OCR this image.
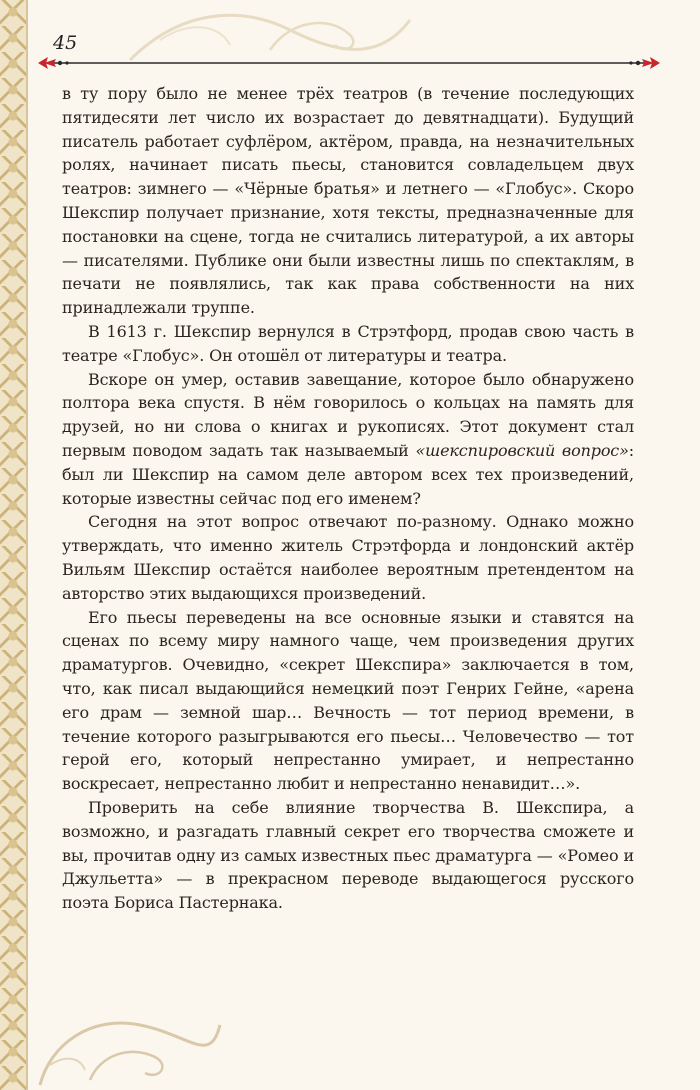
45

в ту пору было не менее трёх театров (в течение последующих пятидесяти лет число их возрастает до девятнадцати). Будущий писатель работает суфлёром, актёром, правда, на незначительных ролях, начинает писать пьесы, становится совладельцем двух театров: зимнего — «Чёрные братья» и летнего — «Глобус». Скоро Шекспир получает признание, хотя тексты, предназначенные для постановки на сцене, тогда не считались литературой, а их авторы — писателями. Публике они были известны лишь по спектаклям, в печати не появлялись, так как права собственности на них принадлежали труппе.

В 1613 г. Шекспир вернулся в Стрэтфорд, продав свою часть в театре «Глобус». Он отошёл от литературы и театра.

Вскоре он умер, оставив завещание, которое было обнаружено полтора века спустя. В нём говорилось о кольцах на память для друзей, но ни слова о книгах и рукописях. Этот документ стал первым поводом задать так называемый «шекспировский вопрос»: был ли Шекспир на самом деле автором всех тех произведений, которые известны сейчас под его именем?

Сегодня на этот вопрос отвечают по-разному. Однако можно утверждать, что именно житель Стрэтфорда и лондонский актёр Вильям Шекспир остаётся наиболее вероятным претендентом на авторство этих выдающихся произведений.

Его пьесы переведены на все основные языки и ставятся на сценах по всему миру намного чаще, чем произведения других драматургов. Очевидно, «секрет Шекспира» заключается в том, что, как писал выдающийся немецкий поэт Генрих Гейне, «арена его драм — земной шар… Вечность — тот период времени, в течение которого разыгрываются его пьесы… Человечество — тот герой его, который непрестанно умирает, и непрестанно воскресает, непрестанно любит и непрестанно ненавидит…».

Проверить на себе влияние творчества В. Шекспира, а возможно, и разгадать главный секрет его творчества сможете и вы, прочитав одну из самых известных пьес драматурга — «Ромео и Джульетта» — в прекрасном переводе выдающегося русского поэта Бориса Пастернака.
